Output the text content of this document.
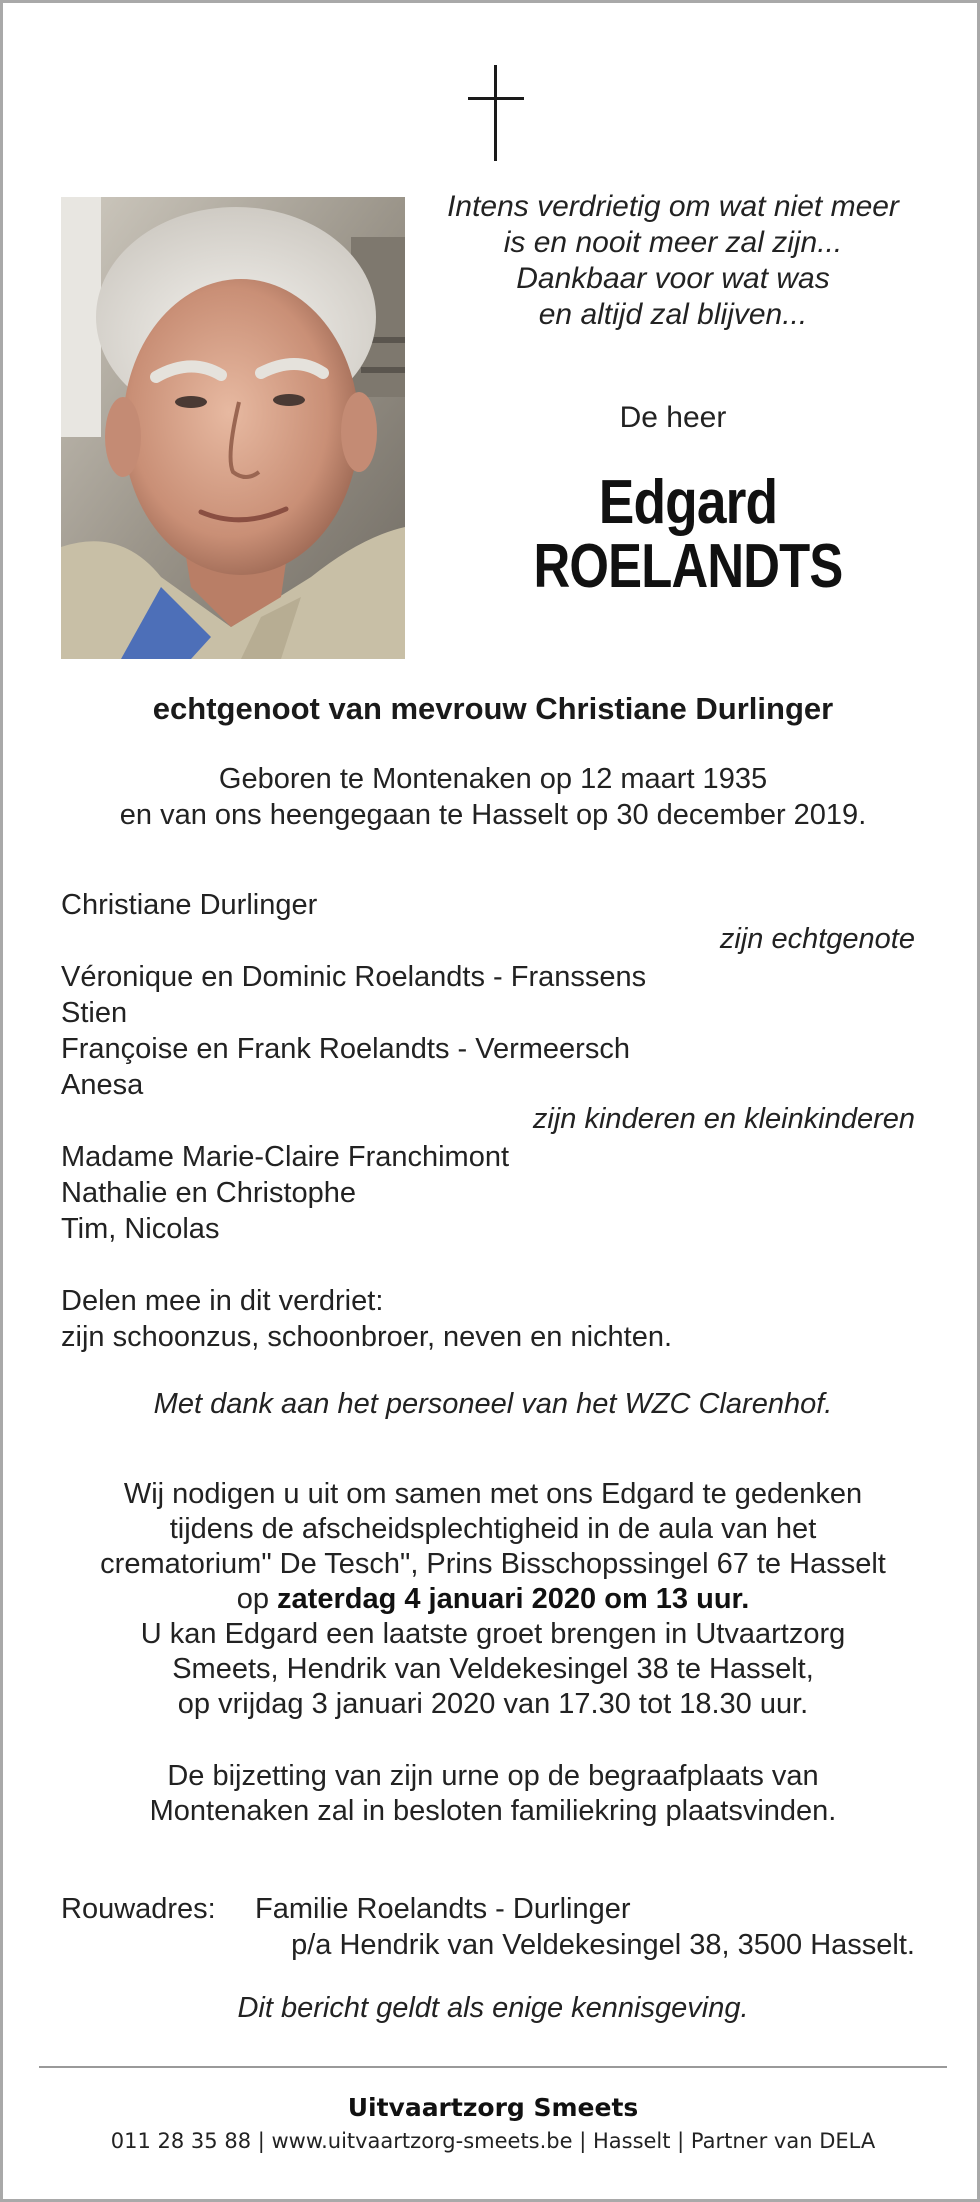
Intens verdrietig om wat niet meer
is en nooit meer zal zijn...
Dankbaar voor wat was
en altijd zal blijven...
De heer
Edgard
ROELANDTS
echtgenoot van mevrouw Christiane Durlinger
Geboren te Montenaken op 12 maart 1935
en van ons heengegaan te Hasselt op 30 december 2019.
Christiane Durlinger
zijn echtgenote
Véronique en Dominic Roelandts - Franssens
Stien
Françoise en Frank Roelandts - Vermeersch
Anesa
zijn kinderen en kleinkinderen
Madame Marie-Claire Franchimont
Nathalie en Christophe
Tim, Nicolas
Delen mee in dit verdriet:
zijn schoonzus, schoonbroer, neven en nichten.
Met dank aan het personeel van het WZC Clarenhof.
Wij nodigen u uit om samen met ons Edgard te gedenken
tijdens de afscheidsplechtigheid in de aula van het
crematorium" De Tesch", Prins Bisschopssingel 67 te Hasselt
op zaterdag 4 januari 2020 om 13 uur.
U kan Edgard een laatste groet brengen in Utvaartzorg
Smeets, Hendrik van Veldekesingel 38 te Hasselt,
op vrijdag 3 januari 2020 van 17.30 tot 18.30 uur.
De bijzetting van zijn urne op de begraafplaats van
Montenaken zal in besloten familiekring plaatsvinden.
Rouwadres: Familie Roelandts - Durlinger
p/a Hendrik van Veldekesingel 38, 3500 Hasselt.
Dit bericht geldt als enige kennisgeving.
Uitvaartzorg Smeets
011 28 35 88 | www.uitvaartzorg-smeets.be | Hasselt | Partner van DELA
